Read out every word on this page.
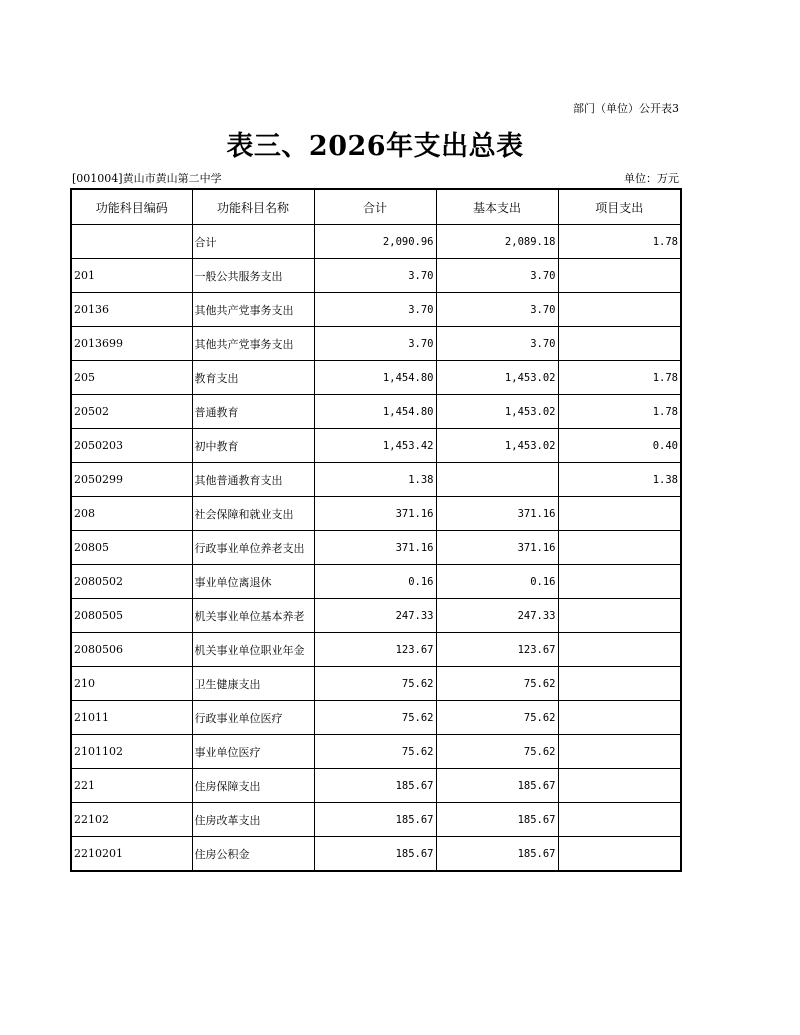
部门（单位）公开表3
表三、2026年支出总表
[001004]黄山市黄山第二中学	单位：万元
功能科目编码	功能科目名称	合计	基本支出	项目支出
	合计	2,090.96	2,089.18	1.78
201	一般公共服务支出	3.70	3.70	
20136	其他共产党事务支出	3.70	3.70	
2013699	其他共产党事务支出	3.70	3.70	
205	教育支出	1,454.80	1,453.02	1.78
20502	普通教育	1,454.80	1,453.02	1.78
2050203	初中教育	1,453.42	1,453.02	0.40
2050299	其他普通教育支出	1.38		1.38
208	社会保障和就业支出	371.16	371.16	
20805	行政事业单位养老支出	371.16	371.16	
2080502	事业单位离退休	0.16	0.16	
2080505	机关事业单位基本养老	247.33	247.33	
2080506	机关事业单位职业年金	123.67	123.67	
210	卫生健康支出	75.62	75.62	
21011	行政事业单位医疗	75.62	75.62	
2101102	事业单位医疗	75.62	75.62	
221	住房保障支出	185.67	185.67	
22102	住房改革支出	185.67	185.67	
2210201	住房公积金	185.67	185.67	
